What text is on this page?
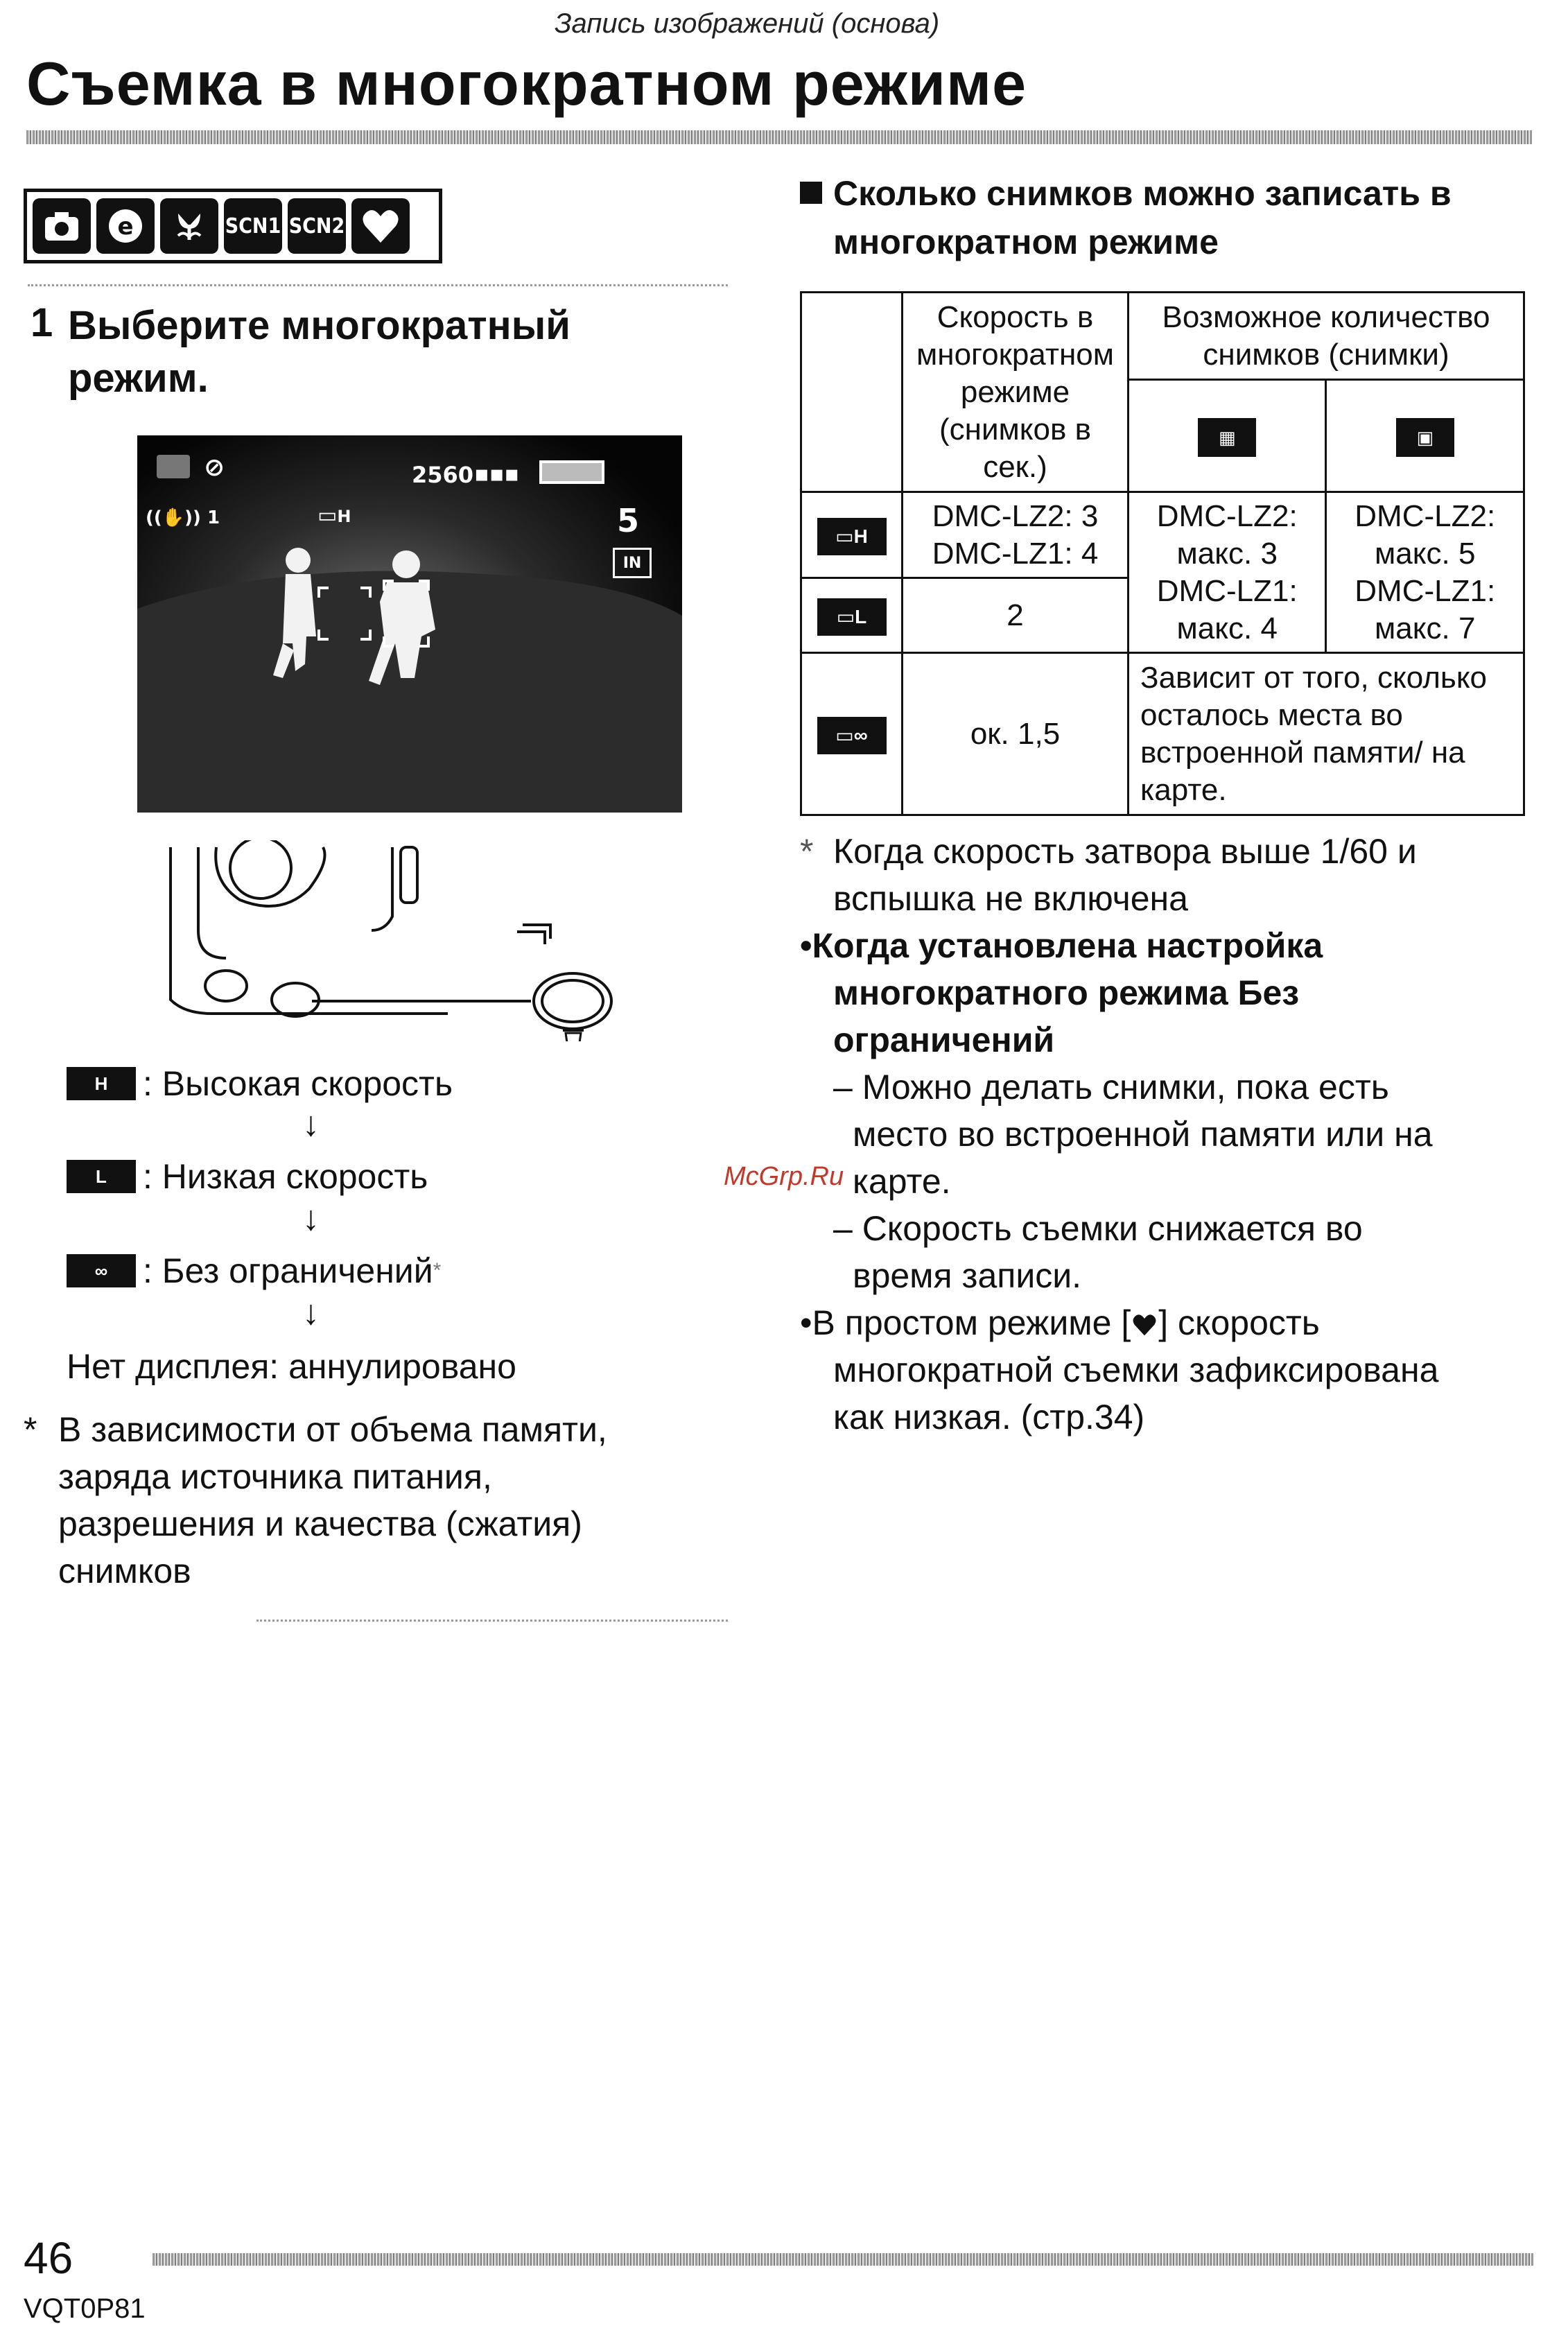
Запись изображений (основа)
Съемка в многократном режиме
e	SCN1 SCN2
1 Выберите многократный режим.
⊘	2560 ▪▪▪
((✋)) 1	▭H	5
IN
H : Высокая скорость
↓
L : Низкая скорость
↓
∞ : Без ограничений *
↓
Нет дисплея: аннулировано
* В зависимости от объема памяти, заряда источника питания, разрешения и качества (сжатия) снимков
Сколько снимков можно записать в
многократном режиме
	Скорость в многократном режиме (снимков в сек.)	Возможное количество снимков (снимки)	
		▦	▣
▭H	DMC-LZ2: 3 DMC-LZ1: 4	DMC-LZ2: макс. 3 DMC-LZ1: макс. 4	DMC-LZ2: макс. 5 DMC-LZ1: макс. 7
▭L	2		
▭∞	ок. 1,5	Зависит от того, сколько осталось места во встроенной памяти/ на карте.	
* Когда скорость затвора выше 1/60 и вспышка не включена

•Когда установлена настройка

многократного режима Без

ограничений

– Можно делать снимки, пока есть

место во встроенной памяти или на

карте.

– Скорость съемки снижается во

время записи.

•В простом режиме [ ] скорость

многократной съемки зафиксирована

как низкая. (стр.34)

McGrp.Ru
46
VQT0P81
